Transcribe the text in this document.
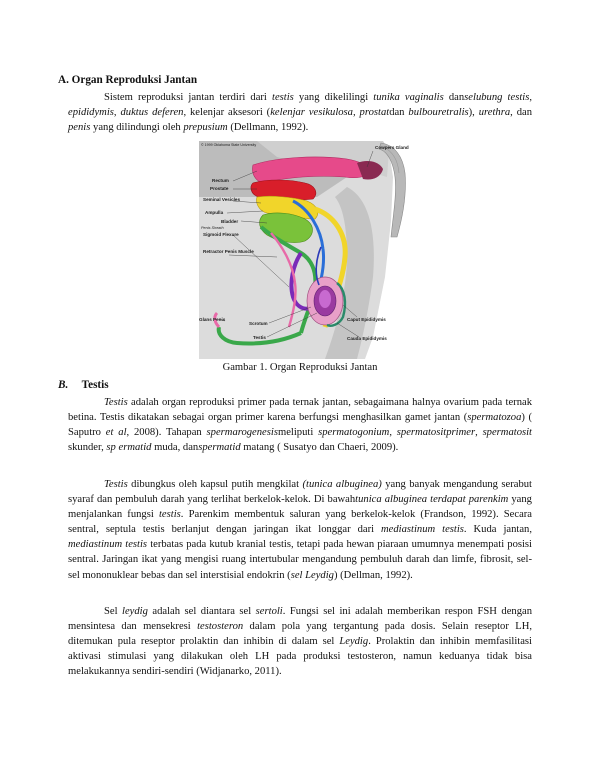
A. Organ Reproduksi Jantan

Sistem reproduksi jantan terdiri dari testis yang dikelilingi tunika vaginalis danselubung testis, epididymis, duktus deferen, kelenjar aksesori (kelenjar vesikulosa, prostatdan bulbouretralis), urethra, dan penis yang dilindungi oleh prepusium (Dellmann, 1992).

© 1999 Oklahoma State University	Cowpers Gland
Rectum
Prostate
Seminal Vesicles
Ampulla
Bladder
Sigmoid Flexure
Retractor Penis Muscle
Glans Penis
Scrotum
Testis
Caput Epididymis
Cauda Epididymis
Penis Sheath

Gambar 1. Organ Reproduksi Jantan

B. Testis

Testis adalah organ reproduksi primer pada ternak jantan, sebagaimana halnya ovarium pada ternak betina. Testis dikatakan sebagai organ primer karena berfungsi menghasilkan gamet jantan (spermatozoa) ( Saputro et al, 2008). Tahapan spermarogenesismeliputi spermatogonium, spermatositprimer, spermatosit skunder, sp ermatid muda, danspermatid matang ( Susatyo dan Chaeri, 2009).

Testis dibungkus oleh kapsul putih mengkilat (tunica albuginea) yang banyak mengandung serabut syaraf dan pembuluh darah yang terlihat berkelok-kelok. Di bawahtunica albuginea terdapat parenkim yang menjalankan fungsi testis. Parenkim membentuk saluran yang berkelok-kelok (Frandson, 1992). Secara sentral, septula testis berlanjut dengan jaringan ikat longgar dari mediastinum testis. Kuda jantan, mediastinum testis terbatas pada kutub kranial testis, tetapi pada hewan piaraan umumnya menempati posisi sentral. Jaringan ikat yang mengisi ruang intertubular mengandung pembuluh darah dan limfe, fibrosit, sel-sel mononuklear bebas dan sel interstisial endokrin (sel Leydig) (Dellman, 1992).

Sel leydig adalah sel diantara sel sertoli. Fungsi sel ini adalah memberikan respon FSH dengan mensintesa dan mensekresi testosteron dalam pola yang tergantung pada dosis. Selain reseptor LH, ditemukan pula reseptor prolaktin dan inhibin di dalam sel Leydig. Prolaktin dan inhibin memfasilitasi aktivasi stimulasi yang dilakukan oleh LH pada produksi testosteron, namun keduanya tidak bisa melakukannya sendiri-sendiri (Widjanarko, 2011).
